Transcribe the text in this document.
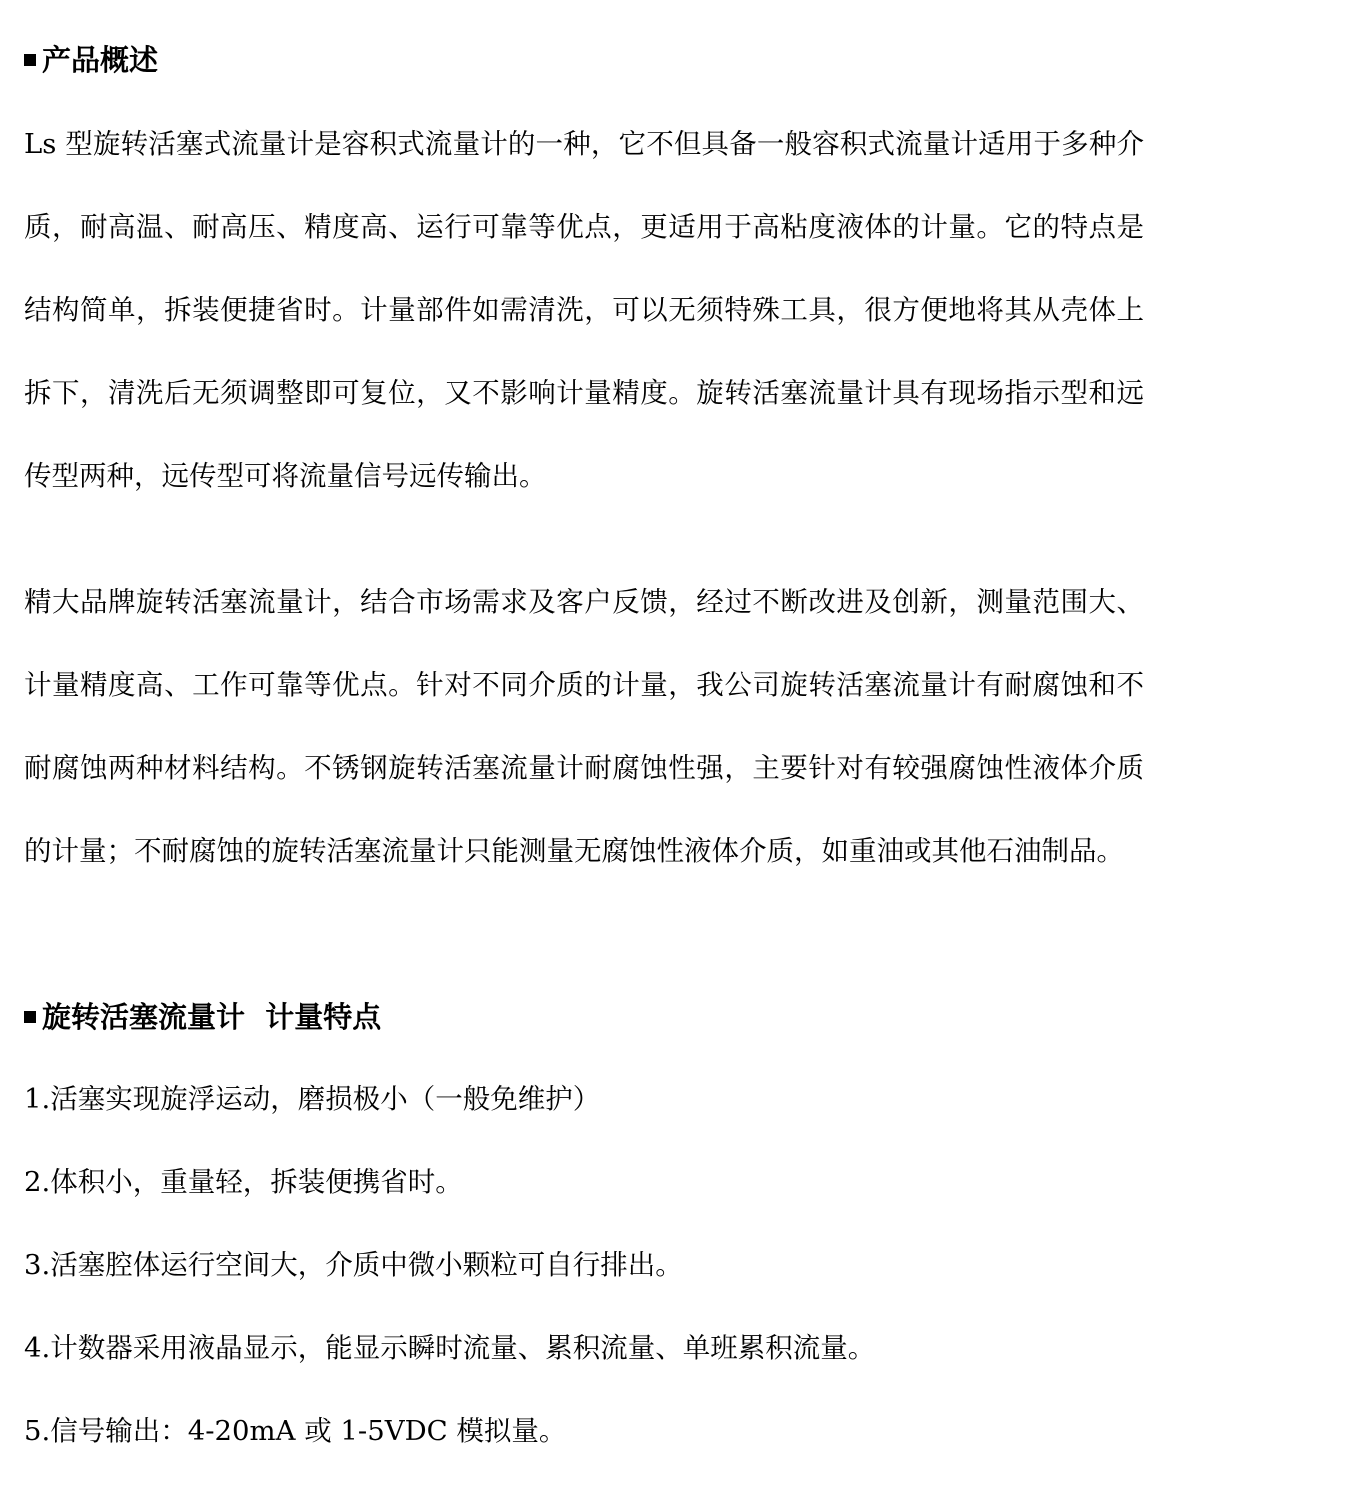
产品概述

Ls 型旋转活塞式流量计是容积式流量计的一种，它不但具备一般容积式流量计适用于多种介质，耐高温、耐高压、精度高、运行可靠等优点，更适用于高粘度液体的计量。它的特点是结构简单，拆装便捷省时。计量部件如需清洗，可以无须特殊工具，很方便地将其从壳体上拆下，清洗后无须调整即可复位，又不影响计量精度。旋转活塞流量计具有现场指示型和远传型两种，远传型可将流量信号远传输出。

精大品牌旋转活塞流量计，结合市场需求及客户反馈，经过不断改进及创新，测量范围大、计量精度高、工作可靠等优点。针对不同介质的计量，我公司旋转活塞流量计有耐腐蚀和不耐腐蚀两种材料结构。不锈钢旋转活塞流量计耐腐蚀性强，主要针对有较强腐蚀性液体介质的计量；不耐腐蚀的旋转活塞流量计只能测量无腐蚀性液体介质，如重油或其他石油制品。

旋转活塞流量计  计量特点
1.活塞实现旋浮运动，磨损极小（一般免维护）
2.体积小，重量轻，拆装便携省时。
3.活塞腔体运行空间大，介质中微小颗粒可自行排出。
4.计数器采用液晶显示，能显示瞬时流量、累积流量、单班累积流量。
5.信号输出：4-20mA 或 1-5VDC 模拟量。
